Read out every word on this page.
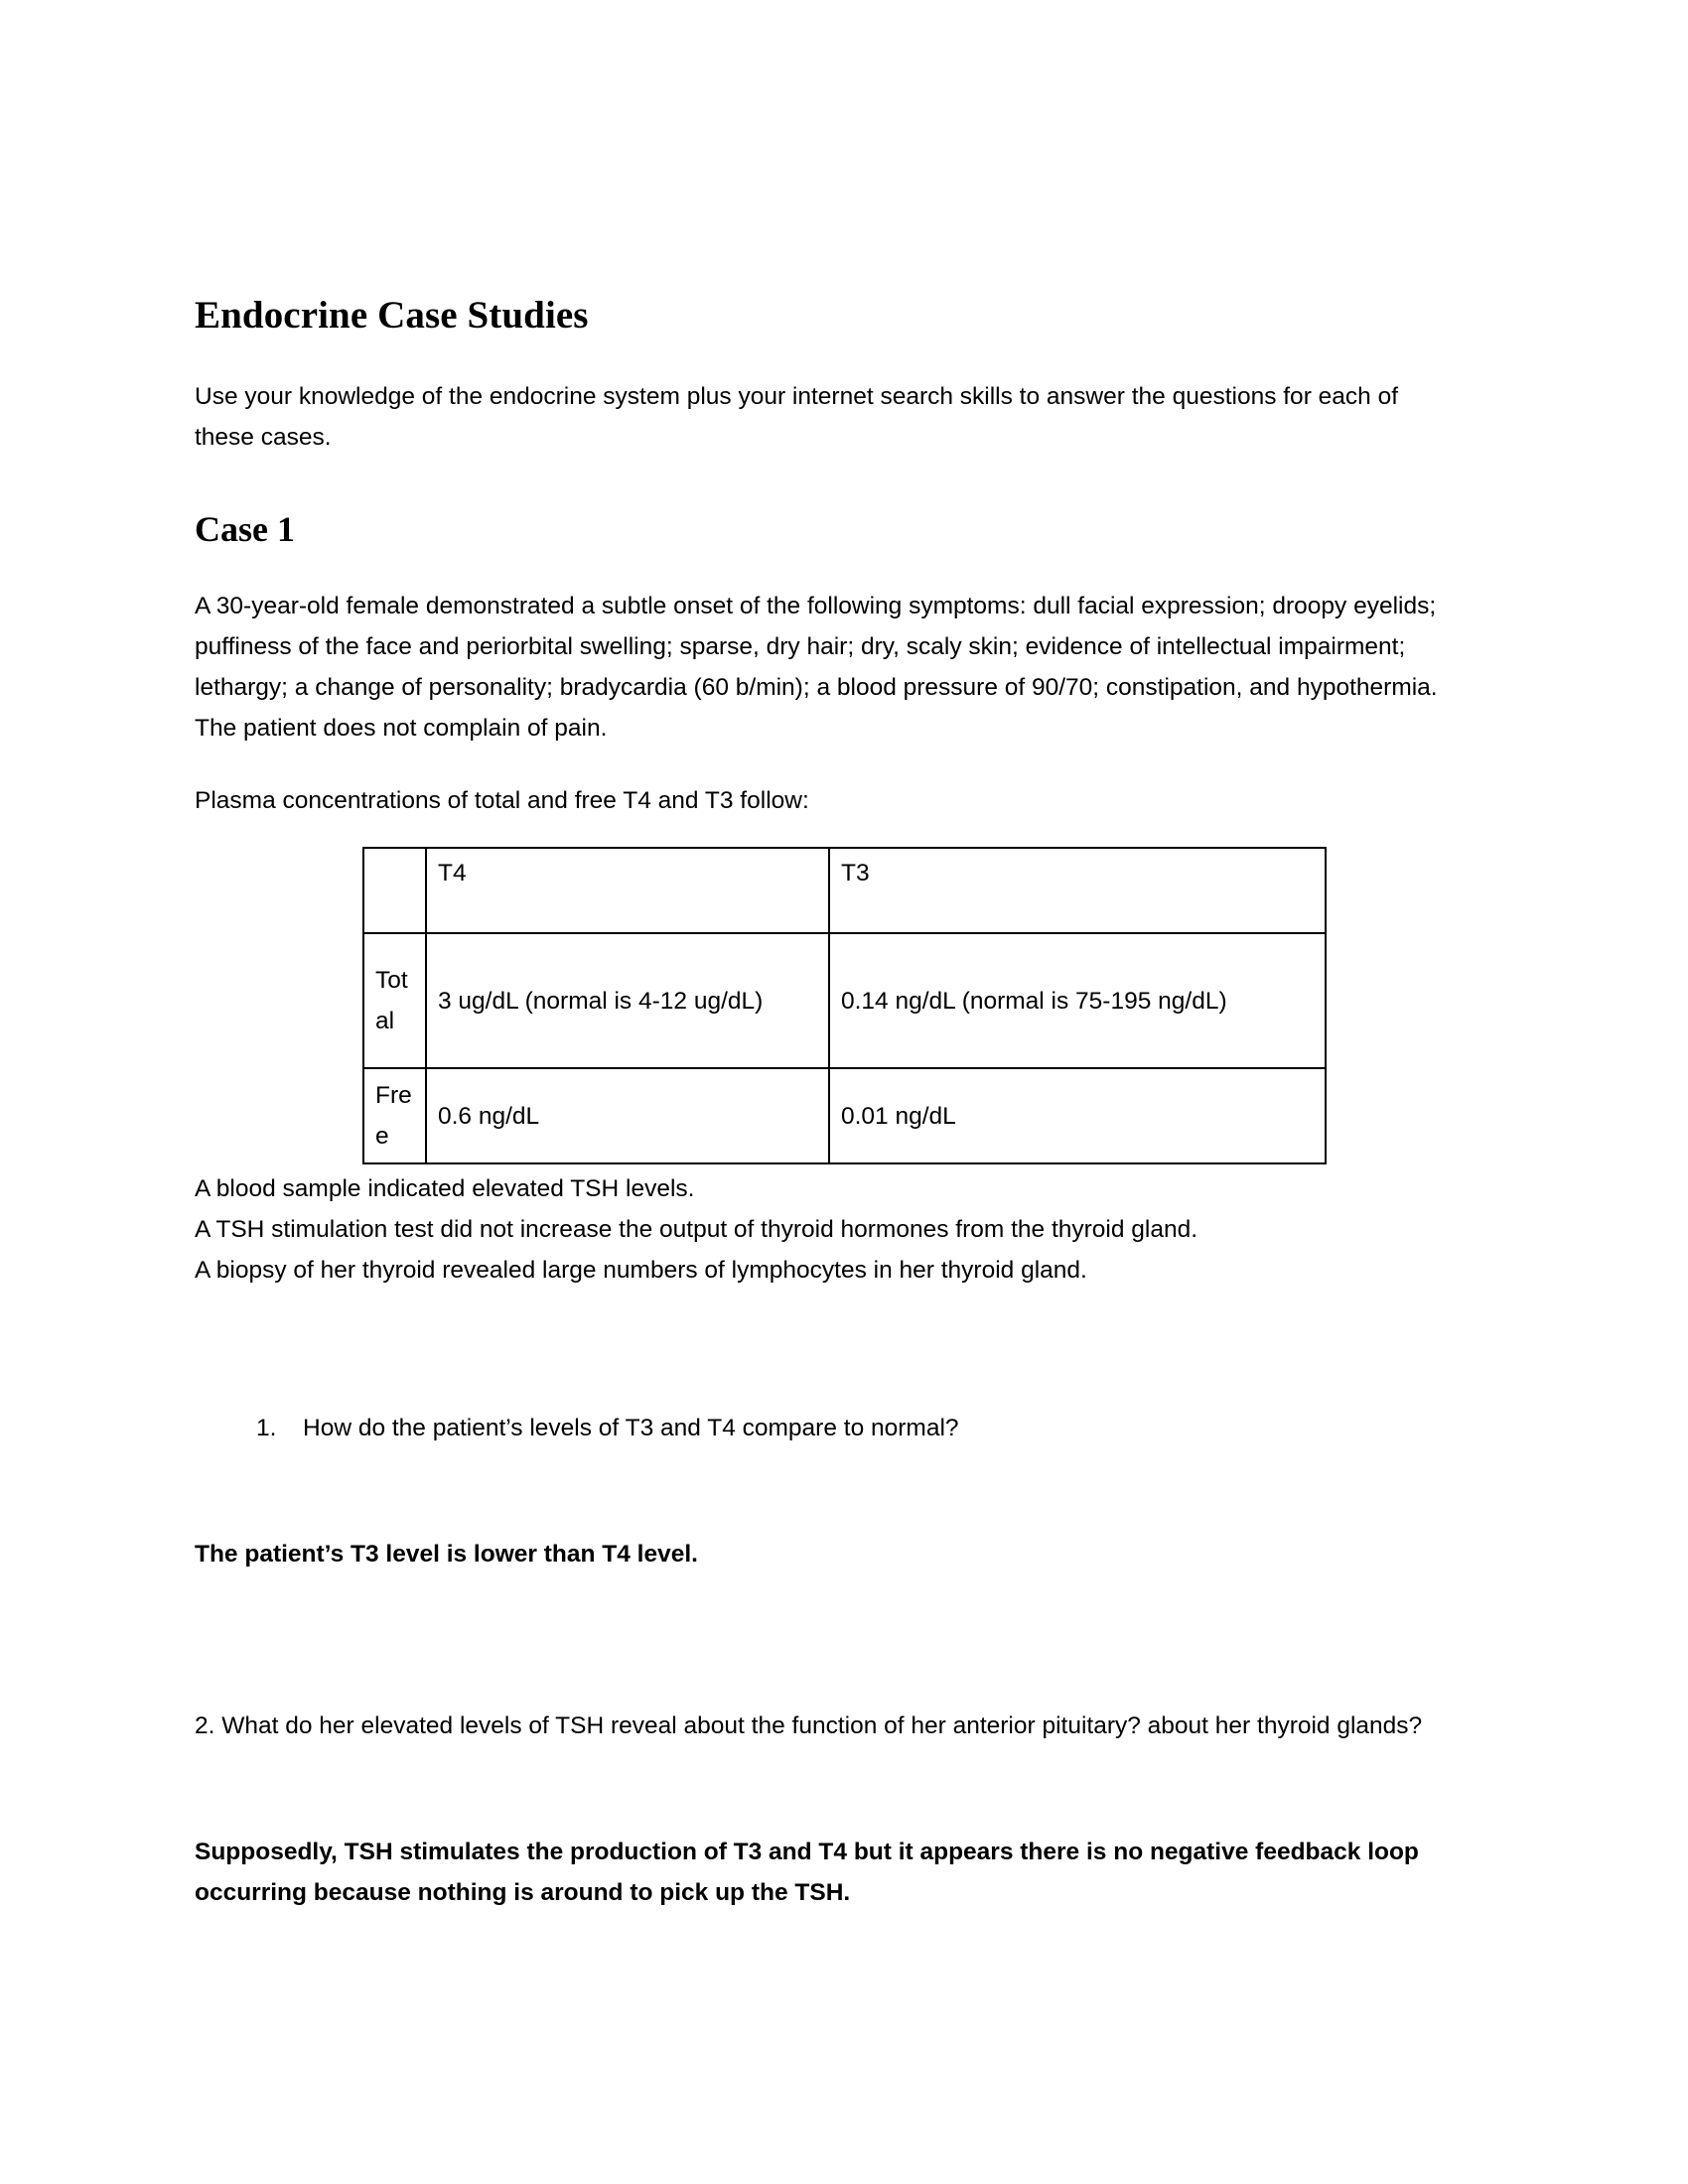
Endocrine Case Studies

Use your knowledge of the endocrine system plus your internet search skills to answer the questions for each of these cases.

Case 1

A 30-year-old female demonstrated a subtle onset of the following symptoms: dull facial expression; droopy eyelids; puffiness of the face and periorbital swelling; sparse, dry hair; dry, scaly skin; evidence of intellectual impairment; lethargy; a change of personality; bradycardia (60 b/min); a blood pressure of 90/70; constipation, and hypothermia. The patient does not complain of pain.

Plasma concentrations of total and free T4 and T3 follow:

	T4	T3
Total	3 ug/dL (normal is 4-12 ug/dL)	0.14 ng/dL (normal is 75-195 ng/dL)
Free	0.6 ng/dL	0.01 ng/dL

A blood sample indicated elevated TSH levels.

A TSH stimulation test did not increase the output of thyroid hormones from the thyroid gland.

A biopsy of her thyroid revealed large numbers of lymphocytes in her thyroid gland.

1. How do the patient’s levels of T3 and T4 compare to normal?

The patient’s T3 level is lower than T4 level.

2. What do her elevated levels of TSH reveal about the function of her anterior pituitary? about her thyroid glands?

Supposedly, TSH stimulates the production of T3 and T4 but it appears there is no negative feedback loop occurring because nothing is around to pick up the TSH.
